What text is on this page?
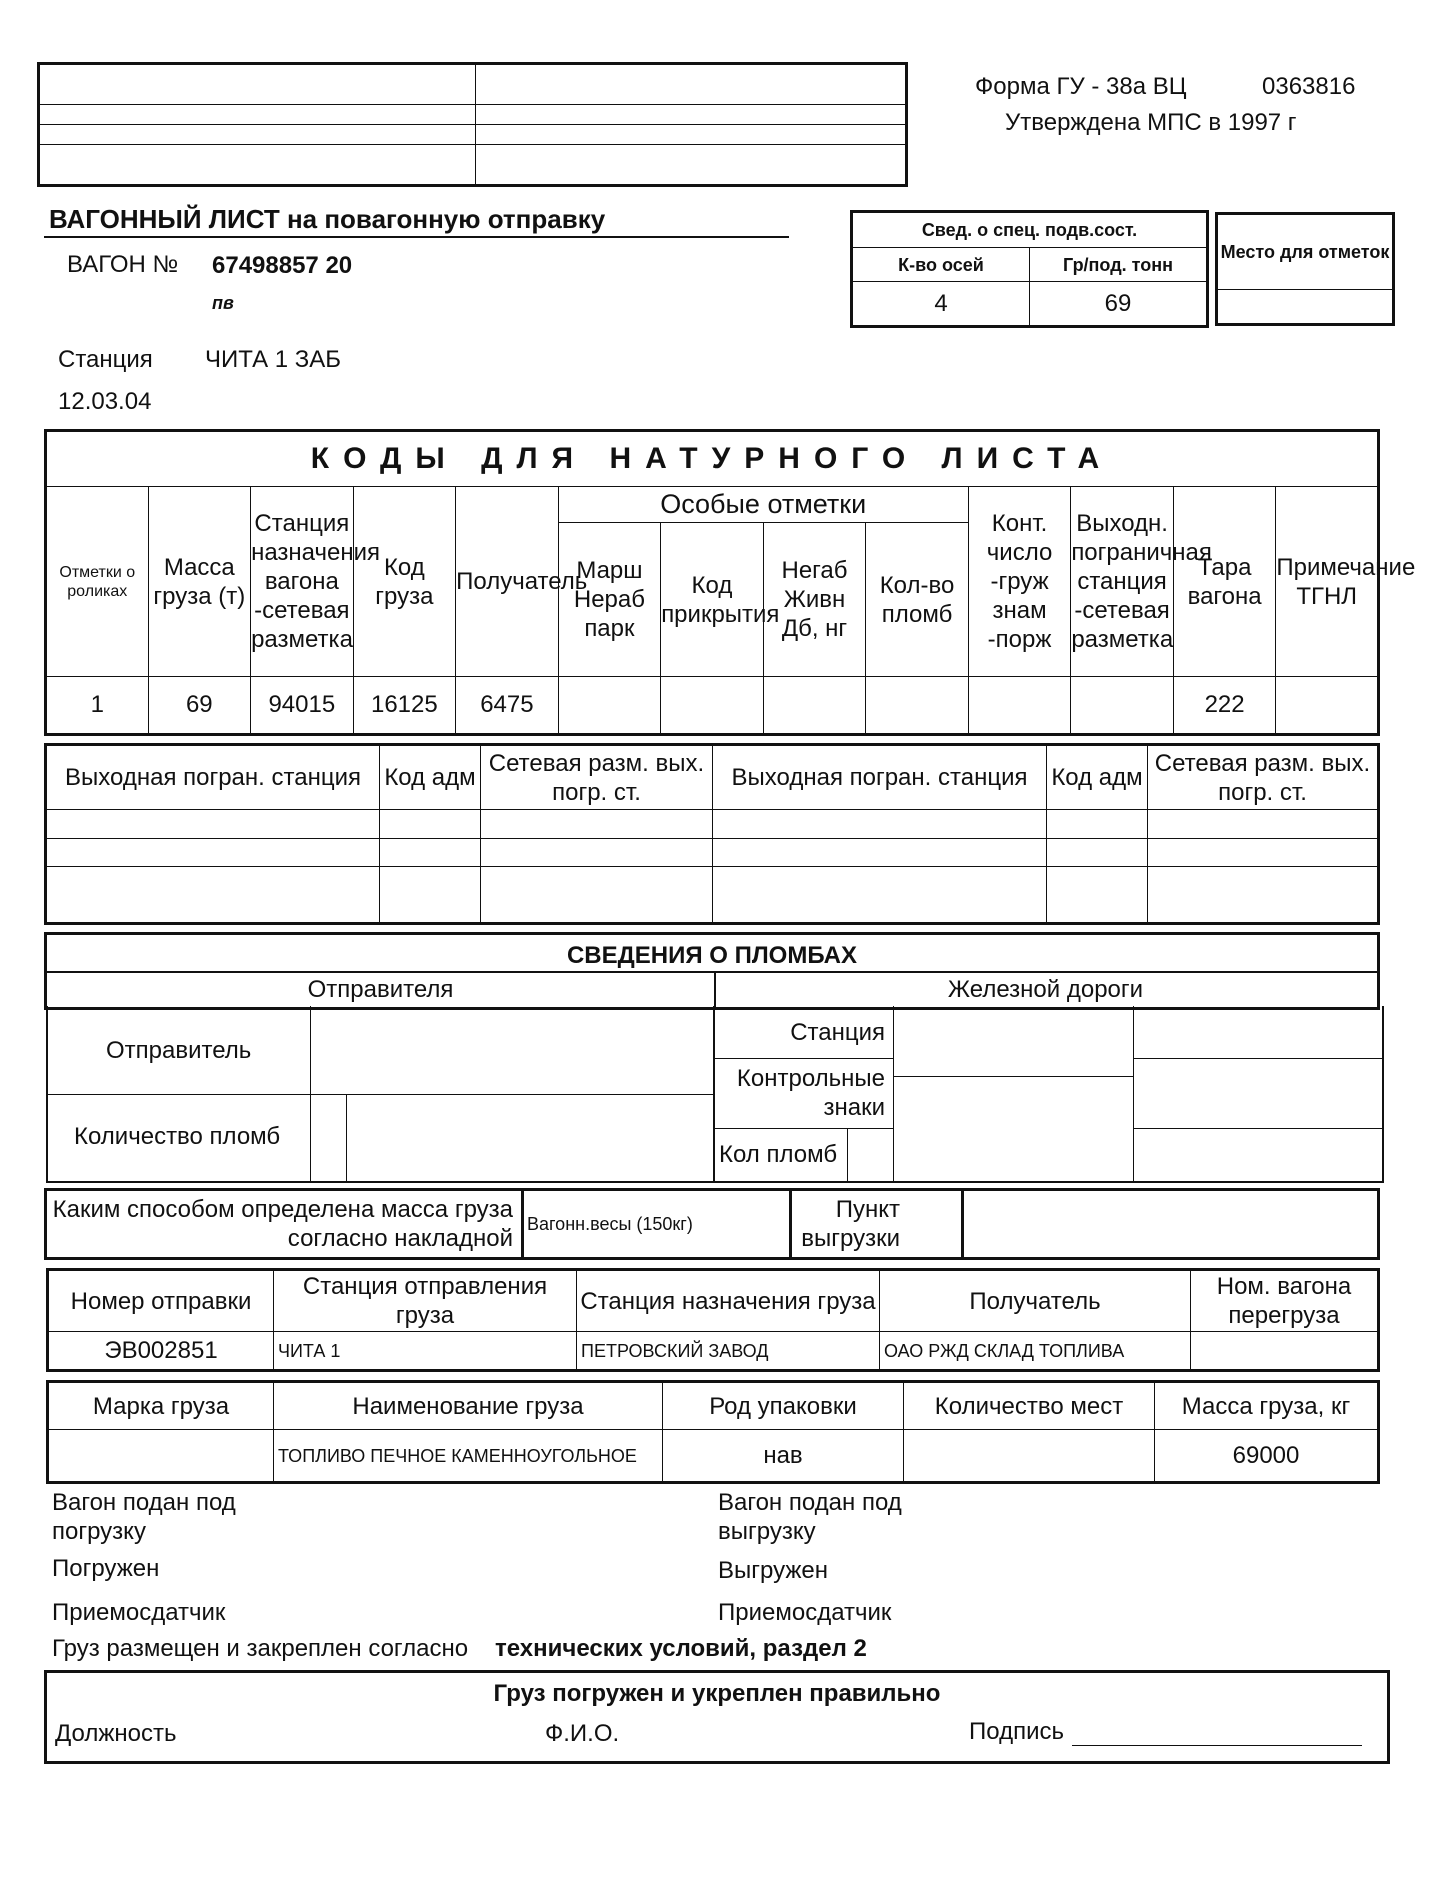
Форма ГУ - 38а ВЦ	0363816
Утверждена МПС в 1997 г
ВАГОННЫЙ ЛИСТ на повагонную отправку
ВАГОН № 67498857 20
пв
Станция ЧИТА 1 ЗАБ
12.03.04
Свед. о спец. подв.сост.	
К-во осей	Гр/под. тонн
4	69
Место для отметок

КОДЫ ДЛЯ НАТУРНОГО ЛИСТА												
Отметки о роликах	Масса груза (т)	Станция назначения вагона -сетевая разметка	Код груза	Получатель	Особые отметки				Конт. число -груж знам -порж	Выходн. пограничная станция -сетевая разметка	Тара вагона	Примечание ТГНЛ
					Марш Нераб парк	Код прикрытия	Негаб Живн Дб, нг	Кол-во пломб				
1	69	94015	16125	6475							222	
Выходная погран. станция	Код адм	Сетевая разм. вых. погр. ст.	Выходная погран. станция	Код адм	Сетевая разм. вых. погр. ст.

СВЕДЕНИЯ О ПЛОМБАХ
Отправителя	Железной дороги
Отправитель
Количество пломб
Станция
Контрольные знаки
Кол пломб
Каким способом определена масса груза согласно накладной
Вагонн.весы (150кг)
Пункт выгрузки
Номер отправки	Станция отправления груза	Станция назначения груза	Получатель	Ном. вагона перегруза
ЭВ002851	ЧИТА 1	ПЕТРОВСКИЙ ЗАВОД	ОАО РЖД СКЛАД ТОПЛИВА	
Марка груза	Наименование груза	Род упаковки	Количество мест	Масса груза, кг
	ТОПЛИВО ПЕЧНОЕ КАМЕННОУГОЛЬНОЕ	нав		69000
Вагон подан под погрузку
Погружен
Приемосдатчик
Вагон подан под выгрузку
Выгружен
Приемосдатчик
Груз размещен и закреплен согласно технических условий, раздел 2
Груз погружен и укреплен правильно
Должность	Ф.И.О.	Подпись
